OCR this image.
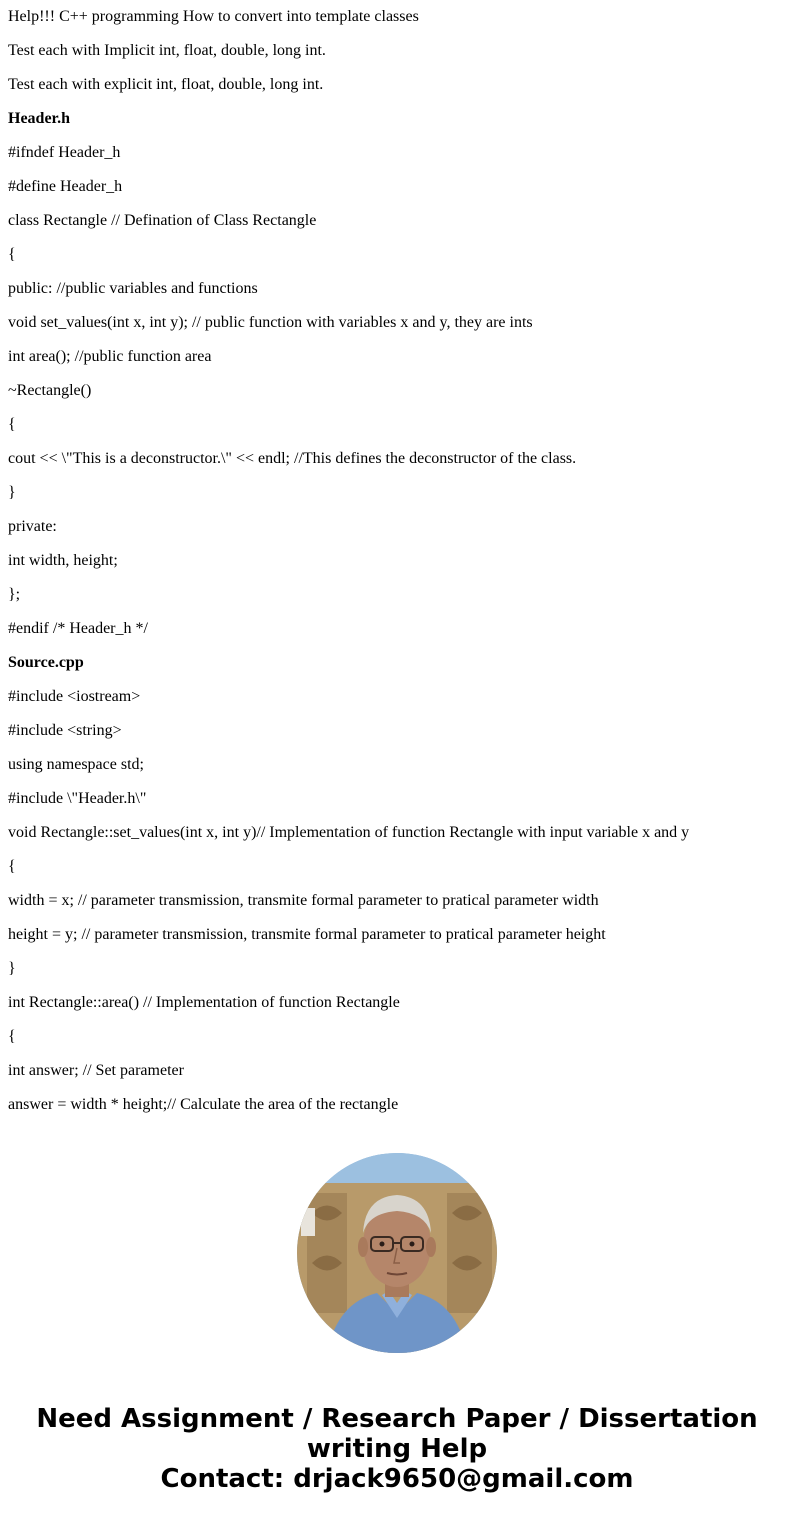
Help!!! C++ programming How to convert into template classes

Test each with Implicit int, float, double, long int.

Test each with explicit int, float, double, long int.

Header.h

#ifndef Header_h

#define Header_h

class Rectangle // Defination of Class Rectangle

{

public: //public variables and functions

void set_values(int x, int y); // public function with variables x and y, they are ints

int area(); //public function area

~Rectangle()

{

cout << \"This is a deconstructor.\" << endl; //This defines the deconstructor of the class.

}

private:

int width, height;

};

#endif /* Header_h */

Source.cpp

#include <iostream>

#include <string>

using namespace std;

#include \"Header.h\"

void Rectangle::set_values(int x, int y)// Implementation of function Rectangle with input variable x and y

{

width = x; // parameter transmission, transmite formal parameter to pratical parameter width

height = y; // parameter transmission, transmite formal parameter to pratical parameter height

}

int Rectangle::area() // Implementation of function Rectangle

{

int answer; // Set parameter

answer = width * height;// Calculate the area of the rectangle

Need Assignment / Research Paper / Dissertation
writing Help
Contact: drjack9650@gmail.com
